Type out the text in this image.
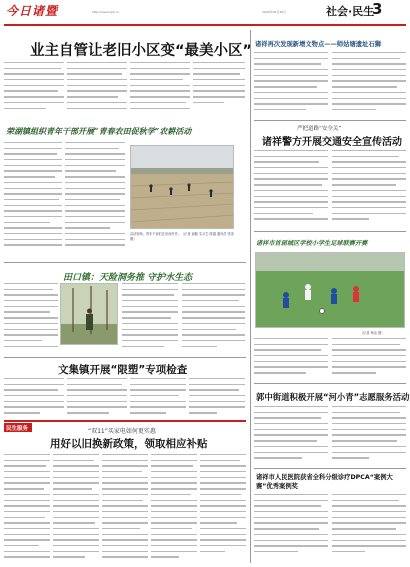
今日诸暨	http://www.zjrb.cn	2024年09月30日	社会·民生
3
业主自管让老旧小区变“最美小区”
荣湖镇组织青年干部开展“青春农田促秋学”农耕活动
活动现场，青年干部们在田间劳作。（记者 俞毓 实习生 陈越 通讯员 张洛 摄）
田口镇：天险洞务推 守护水生态
文集镇开展“限塑”专项检查
民生服务	“双11”买家电如何更实惠
用好以旧换新政策，领取相应补贴
诸祥再次发现新增文物点——师姑塘遗址石狮
严把道路“安全关”
诸祥警方开展交通安全宣传活动
诸祥市首届城区学校小学生足球联赛开赛
（记者 杨洁 摄）
郭中街道积极开展“河小青”志愿服务活动
诸祥市人民医院获省全科分级诊疗DPCA“案例大赛”优秀案例奖
